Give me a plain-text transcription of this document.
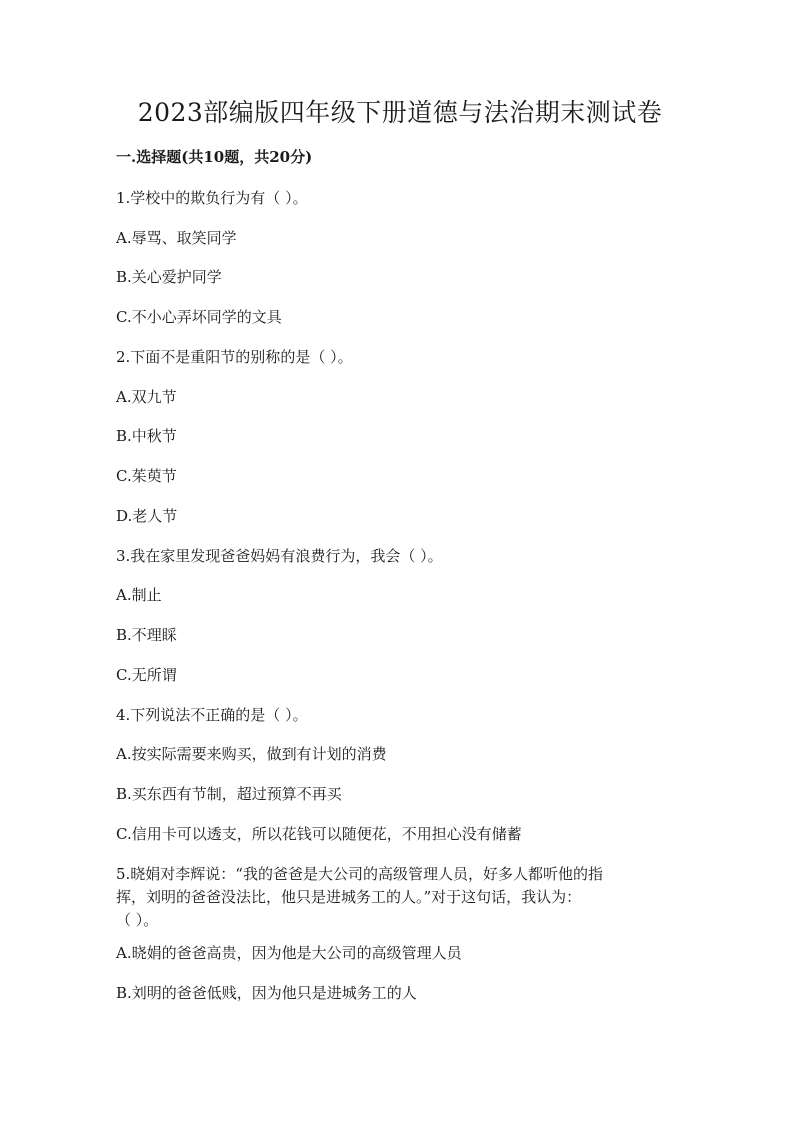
2023部编版四年级下册道德与法治期末测试卷
一.选择题(共10题，共20分)
1.学校中的欺负行为有（ ）。
A.辱骂、取笑同学
B.关心爱护同学
C.不小心弄坏同学的文具
2.下面不是重阳节的别称的是（ ）。
A.双九节
B.中秋节
C.茱萸节
D.老人节
3.我在家里发现爸爸妈妈有浪费行为，我会（ ）。
A.制止
B.不理睬
C.无所谓
4.下列说法不正确的是（ ）。
A.按实际需要来购买，做到有计划的消费
B.买东西有节制，超过预算不再买
C.信用卡可以透支，所以花钱可以随便花，不用担心没有储蓄
5.晓娟对李辉说：“我的爸爸是大公司的高级管理人员，好多人都听他的指
挥，刘明的爸爸没法比，他只是进城务工的人。”对于这句话，我认为：
（ ）。
A.晓娟的爸爸高贵，因为他是大公司的高级管理人员
B.刘明的爸爸低贱，因为他只是进城务工的人
